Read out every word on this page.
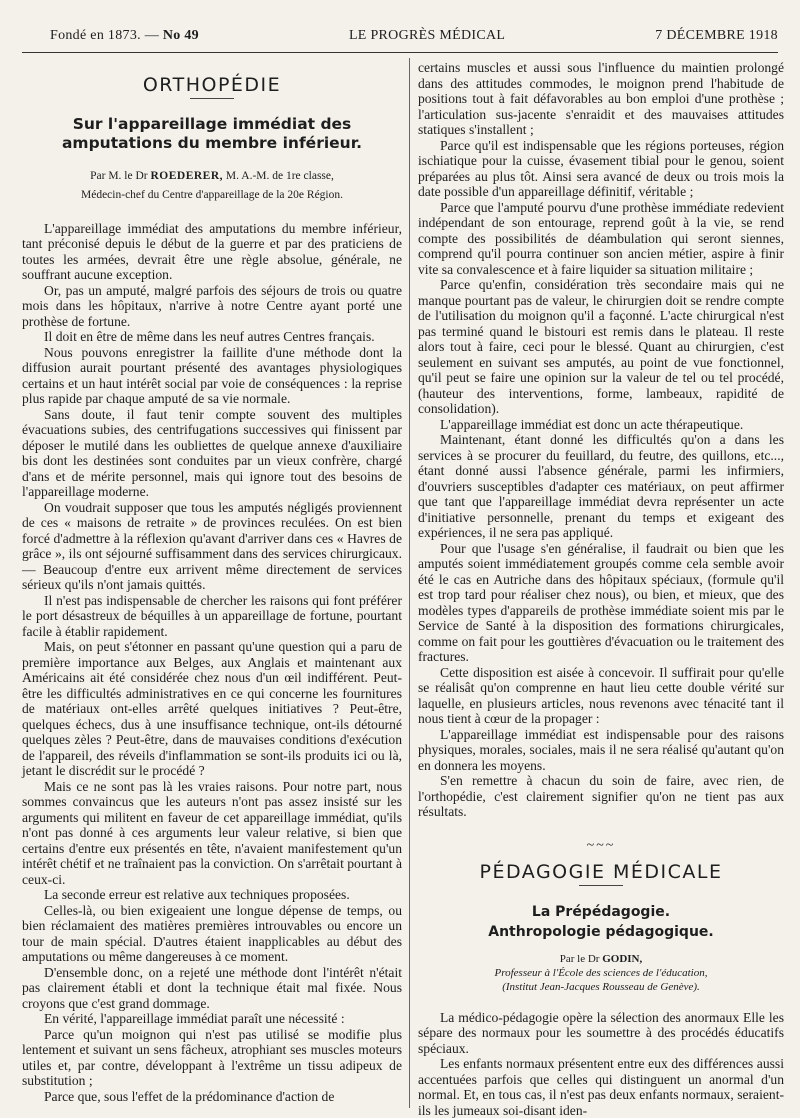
Fondé en 1873. — No 49	LE PROGRÈS MÉDICAL	7 DÉCEMBRE 1918
ORTHOPÉDIE
Sur l'appareillage immédiat des amputations du membre inférieur.
Par M. le Dr ROEDERER, M. A.-M. de 1re classe,
Médecin-chef du Centre d'appareillage de la 20e Région.

L'appareillage immédiat des amputations du membre inférieur, tant préconisé depuis le début de la guerre et par des praticiens de toutes les armées, devrait être une règle absolue, générale, ne souffrant aucune exception.

Or, pas un amputé, malgré parfois des séjours de trois ou quatre mois dans les hôpitaux, n'arrive à notre Centre ayant porté une prothèse de fortune.

Il doit en être de même dans les neuf autres Centres français.

Nous pouvons enregistrer la faillite d'une méthode dont la diffusion aurait pourtant présenté des avantages physiologiques certains et un haut intérêt social par voie de conséquences : la reprise plus rapide par chaque amputé de sa vie normale.

Sans doute, il faut tenir compte souvent des multiples évacuations subies, des centrifugations successives qui finissent par déposer le mutilé dans les oubliettes de quelque annexe d'auxiliaire bis dont les destinées sont conduites par un vieux confrère, chargé d'ans et de mérite personnel, mais qui ignore tout des besoins de l'appareillage moderne.

On voudrait supposer que tous les amputés négligés proviennent de ces « maisons de retraite » de provinces reculées. On est bien forcé d'admettre à la réflexion qu'avant d'arriver dans ces « Havres de grâce », ils ont séjourné suffisamment dans des services chirurgicaux. — Beaucoup d'entre eux arrivent même directement de services sérieux qu'ils n'ont jamais quittés.

Il n'est pas indispensable de chercher les raisons qui font préférer le port désastreux de béquilles à un appareillage de fortune, pourtant facile à établir rapidement.

Mais, on peut s'étonner en passant qu'une question qui a paru de première importance aux Belges, aux Anglais et maintenant aux Américains ait été considérée chez nous d'un œil indifférent. Peut-être les difficultés administratives en ce qui concerne les fournitures de matériaux ont-elles arrêté quelques initiatives ? Peut-être, quelques échecs, dus à une insuffisance technique, ont-ils détourné quelques zèles ? Peut-être, dans de mauvaises conditions d'exécution de l'appareil, des réveils d'inflammation se sont-ils produits ici ou là, jetant le discrédit sur le procédé ?

Mais ce ne sont pas là les vraies raisons. Pour notre part, nous sommes convaincus que les auteurs n'ont pas assez insisté sur les arguments qui militent en faveur de cet appareillage immédiat, qu'ils n'ont pas donné à ces arguments leur valeur relative, si bien que certains d'entre eux présentés en tête, n'avaient manifestement qu'un intérêt chétif et ne traînaient pas la conviction. On s'arrêtait pourtant à ceux-ci.

La seconde erreur est relative aux techniques proposées.

Celles-là, ou bien exigeaient une longue dépense de temps, ou bien réclamaient des matières premières introuvables ou encore un tour de main spécial. D'autres étaient inapplicables au début des amputations ou même dangereuses à ce moment.

D'ensemble donc, on a rejeté une méthode dont l'intérêt n'était pas clairement établi et dont la technique était mal fixée. Nous croyons que c'est grand dommage.

En vérité, l'appareillage immédiat paraît une nécessité :

Parce qu'un moignon qui n'est pas utilisé se modifie plus lentement et suivant un sens fâcheux, atrophiant ses muscles moteurs utiles et, par contre, développant à l'extrême un tissu adipeux de substitution ;

Parce que, sous l'effet de la prédominance d'action de

certains muscles et aussi sous l'influence du maintien prolongé dans des attitudes commodes, le moignon prend l'habitude de positions tout à fait défavorables au bon emploi d'une prothèse ; l'articulation sus-jacente s'enraidit et des mauvaises attitudes statiques s'installent ;

Parce qu'il est indispensable que les régions porteuses, région ischiatique pour la cuisse, évasement tibial pour le genou, soient préparées au plus tôt. Ainsi sera avancé de deux ou trois mois la date possible d'un appareillage définitif, véritable ;

Parce que l'amputé pourvu d'une prothèse immédiate redevient indépendant de son entourage, reprend goût à la vie, se rend compte des possibilités de déambulation qui seront siennes, comprend qu'il pourra continuer son ancien métier, aspire à finir vite sa convalescence et à faire liquider sa situation militaire ;

Parce qu'enfin, considération très secondaire mais qui ne manque pourtant pas de valeur, le chirurgien doit se rendre compte de l'utilisation du moignon qu'il a façonné. L'acte chirurgical n'est pas terminé quand le bistouri est remis dans le plateau. Il reste alors tout à faire, ceci pour le blessé. Quant au chirurgien, c'est seulement en suivant ses amputés, au point de vue fonctionnel, qu'il peut se faire une opinion sur la valeur de tel ou tel procédé, (hauteur des interventions, forme, lambeaux, rapidité de consolidation).

L'appareillage immédiat est donc un acte thérapeutique.

Maintenant, étant donné les difficultés qu'on a dans les services à se procurer du feuillard, du feutre, des quillons, etc..., étant donné aussi l'absence générale, parmi les infirmiers, d'ouvriers susceptibles d'adapter ces matériaux, on peut affirmer que tant que l'appareillage immédiat devra représenter un acte d'initiative personnelle, prenant du temps et exigeant des expériences, il ne sera pas appliqué.

Pour que l'usage s'en généralise, il faudrait ou bien que les amputés soient immédiatement groupés comme cela semble avoir été le cas en Autriche dans des hôpitaux spéciaux, (formule qu'il est trop tard pour réaliser chez nous), ou bien, et mieux, que des modèles types d'appareils de prothèse immédiate soient mis par le Service de Santé à la disposition des formations chirurgicales, comme on fait pour les gouttières d'évacuation ou le traitement des fractures.

Cette disposition est aisée à concevoir. Il suffirait pour qu'elle se réalisât qu'on comprenne en haut lieu cette double vérité sur laquelle, en plusieurs articles, nous revenons avec ténacité tant il nous tient à cœur de la propager :

L'appareillage immédiat est indispensable pour des raisons physiques, morales, sociales, mais il ne sera réalisé qu'autant qu'on en donnera les moyens.

S'en remettre à chacun du soin de faire, avec rien, de l'orthopédie, c'est clairement signifier qu'on ne tient pas aux résultats.

~~~
PÉDAGOGIE MÉDICALE
La Prépédagogie.
Anthropologie pédagogique.
Par le Dr GODIN,
Professeur à l'École des sciences de l'éducation,
(Institut Jean-Jacques Rousseau de Genève).

La médico-pédagogie opère la sélection des anormaux Elle les sépare des normaux pour les soumettre à des procédés éducatifs spéciaux.

Les enfants normaux présentent entre eux des différences aussi accentuées parfois que celles qui distinguent un anormal d'un normal. Et, en tous cas, il n'est pas deux enfants normaux, seraient-ils les jumeaux soi-disant iden-
